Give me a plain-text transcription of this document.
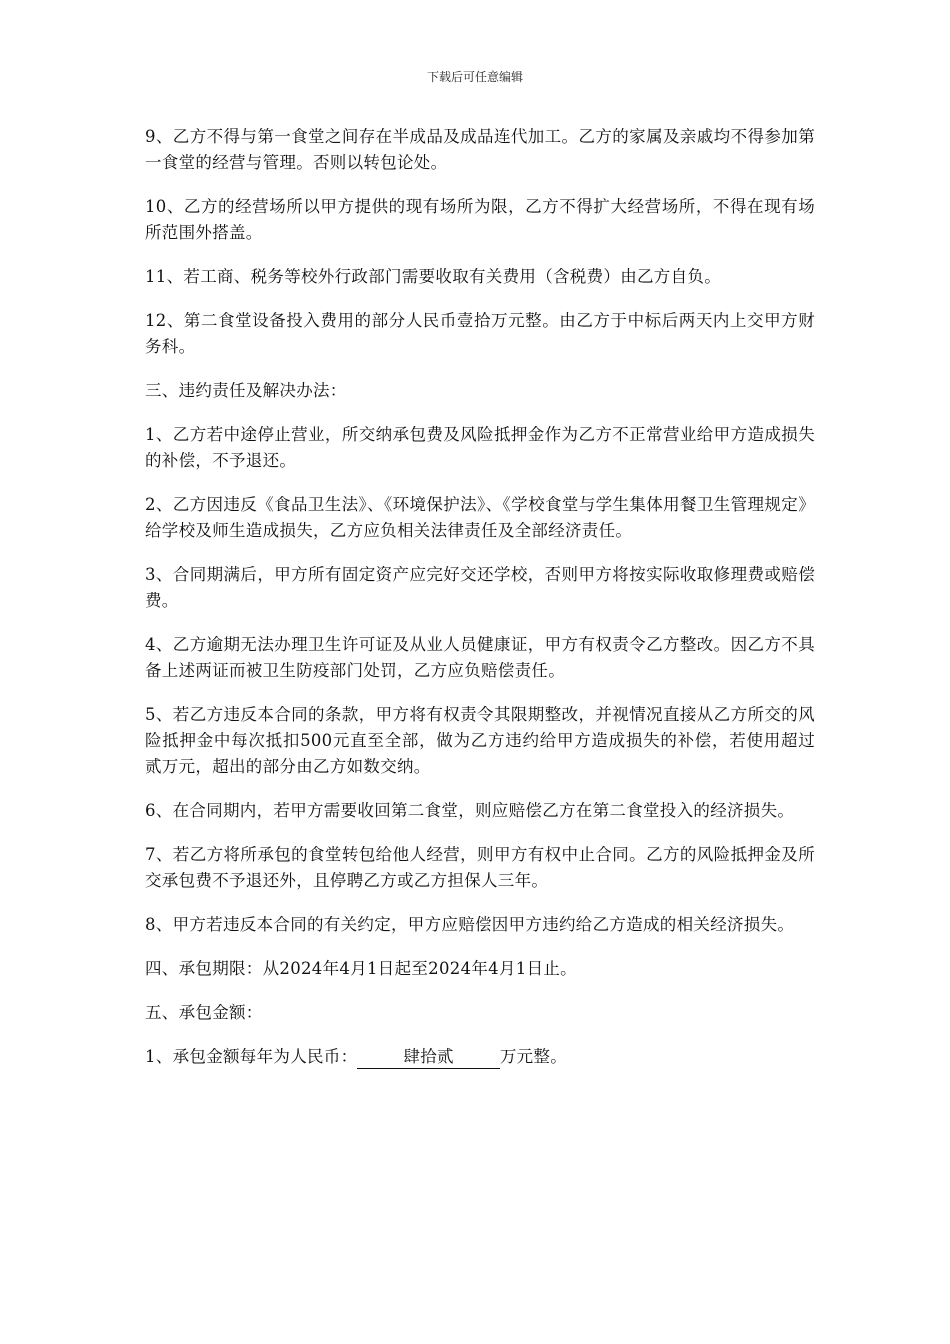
下载后可任意编辑

9、乙方不得与第一食堂之间存在半成品及成品连代加工。乙方的家属及亲戚均不得参加第一食堂的经营与管理。否则以转包论处。

10、乙方的经营场所以甲方提供的现有场所为限，乙方不得扩大经营场所，不得在现有场所范围外搭盖。

11、若工商、税务等校外行政部门需要收取有关费用（含税费）由乙方自负。

12、第二食堂设备投入费用的部分人民币壹拾万元整。由乙方于中标后两天内上交甲方财务科。

三、违约责任及解决办法：

1、乙方若中途停止营业，所交纳承包费及风险抵押金作为乙方不正常营业给甲方造成损失的补偿，不予退还。

2、乙方因违反《食品卫生法》、《环境保护法》、《学校食堂与学生集体用餐卫生管理规定》给学校及师生造成损失，乙方应负相关法律责任及全部经济责任。

3、合同期满后，甲方所有固定资产应完好交还学校，否则甲方将按实际收取修理费或赔偿费。

4、乙方逾期无法办理卫生许可证及从业人员健康证，甲方有权责令乙方整改。因乙方不具备上述两证而被卫生防疫部门处罚，乙方应负赔偿责任。

5、若乙方违反本合同的条款，甲方将有权责令其限期整改，并视情况直接从乙方所交的风险抵押金中每次抵扣500元直至全部，做为乙方违约给甲方造成损失的补偿，若使用超过贰万元，超出的部分由乙方如数交纳。

6、在合同期内，若甲方需要收回第二食堂，则应赔偿乙方在第二食堂投入的经济损失。

7、若乙方将所承包的食堂转包给他人经营，则甲方有权中止合同。乙方的风险抵押金及所交承包费不予退还外，且停聘乙方或乙方担保人三年。

8、甲方若违反本合同的有关约定，甲方应赔偿因甲方违约给乙方造成的相关经济损失。

四、承包期限：从2024年4月1日起至2024年4月1日止。

五、承包金额：

1、承包金额每年为人民币：	肆拾贰	万元整。
